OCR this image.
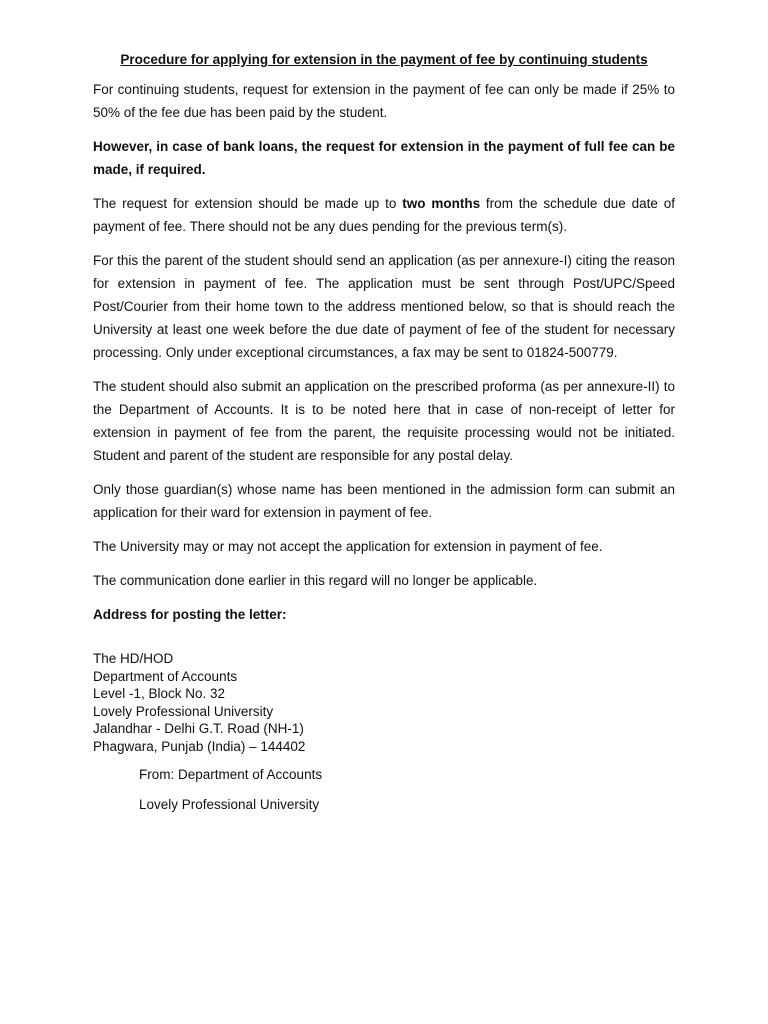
Procedure for applying for extension in the payment of fee by continuing students

For continuing students, request for extension in the payment of fee can only be made if 25% to 50% of the fee due has been paid by the student.

However, in case of bank loans, the request for extension in the payment of full fee can be made, if required.

The request for extension should be made up to two months from the schedule due date of payment of fee. There should not be any dues pending for the previous term(s).

For this the parent of the student should send an application (as per annexure-I) citing the reason for extension in payment of fee. The application must be sent through Post/UPC/Speed Post/Courier from their home town to the address mentioned below, so that is should reach the University at least one week before the due date of payment of fee of the student for necessary processing. Only under exceptional circumstances, a fax may be sent to 01824-500779.

The student should also submit an application on the prescribed proforma (as per annexure-II) to the Department of Accounts. It is to be noted here that in case of non-receipt of letter for extension in payment of fee from the parent, the requisite processing would not be initiated. Student and parent of the student are responsible for any postal delay.

Only those guardian(s) whose name has been mentioned in the admission form can submit an application for their ward for extension in payment of fee.

The University may or may not accept the application for extension in payment of fee.

The communication done earlier in this regard will no longer be applicable.

Address for posting the letter:
The HD/HOD
Department of Accounts
Level -1, Block No. 32
Lovely Professional University
Jalandhar - Delhi G.T. Road (NH-1)
Phagwara, Punjab (India) – 144402
From: Department of Accounts
Lovely Professional University
